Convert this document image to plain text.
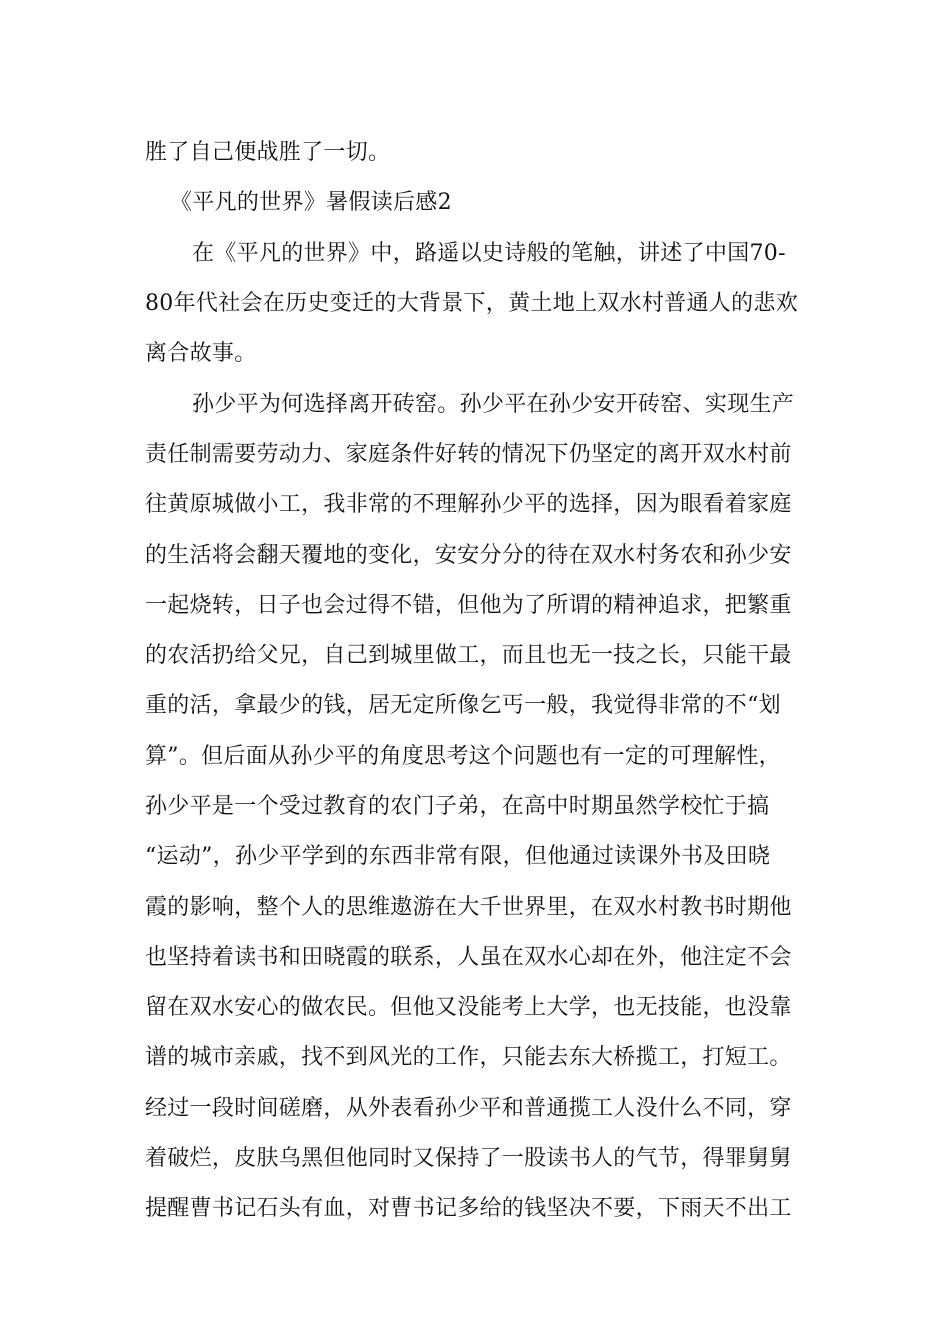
胜了自己便战胜了一切。
《平凡的世界》暑假读后感2
在《平凡的世界》中，路遥以史诗般的笔触，讲述了中国70-
80年代社会在历史变迁的大背景下，黄土地上双水村普通人的悲欢
离合故事。
孙少平为何选择离开砖窑。孙少平在孙少安开砖窑、实现生产
责任制需要劳动力、家庭条件好转的情况下仍坚定的离开双水村前
往黄原城做小工，我非常的不理解孙少平的选择，因为眼看着家庭
的生活将会翻天覆地的变化，安安分分的待在双水村务农和孙少安
一起烧转，日子也会过得不错，但他为了所谓的精神追求，把繁重
的农活扔给父兄，自己到城里做工，而且也无一技之长，只能干最
重的活，拿最少的钱，居无定所像乞丐一般，我觉得非常的不“划
算”。但后面从孙少平的角度思考这个问题也有一定的可理解性，
孙少平是一个受过教育的农门子弟，在高中时期虽然学校忙于搞
“运动”，孙少平学到的东西非常有限，但他通过读课外书及田晓
霞的影响，整个人的思维遨游在大千世界里，在双水村教书时期他
也坚持着读书和田晓霞的联系，人虽在双水心却在外，他注定不会
留在双水安心的做农民。但他又没能考上大学，也无技能，也没靠
谱的城市亲戚，找不到风光的工作，只能去东大桥揽工，打短工。
经过一段时间磋磨，从外表看孙少平和普通揽工人没什么不同，穿
着破烂，皮肤乌黑但他同时又保持了一股读书人的气节，得罪舅舅
提醒曹书记石头有血，对曹书记多给的钱坚决不要，下雨天不出工
